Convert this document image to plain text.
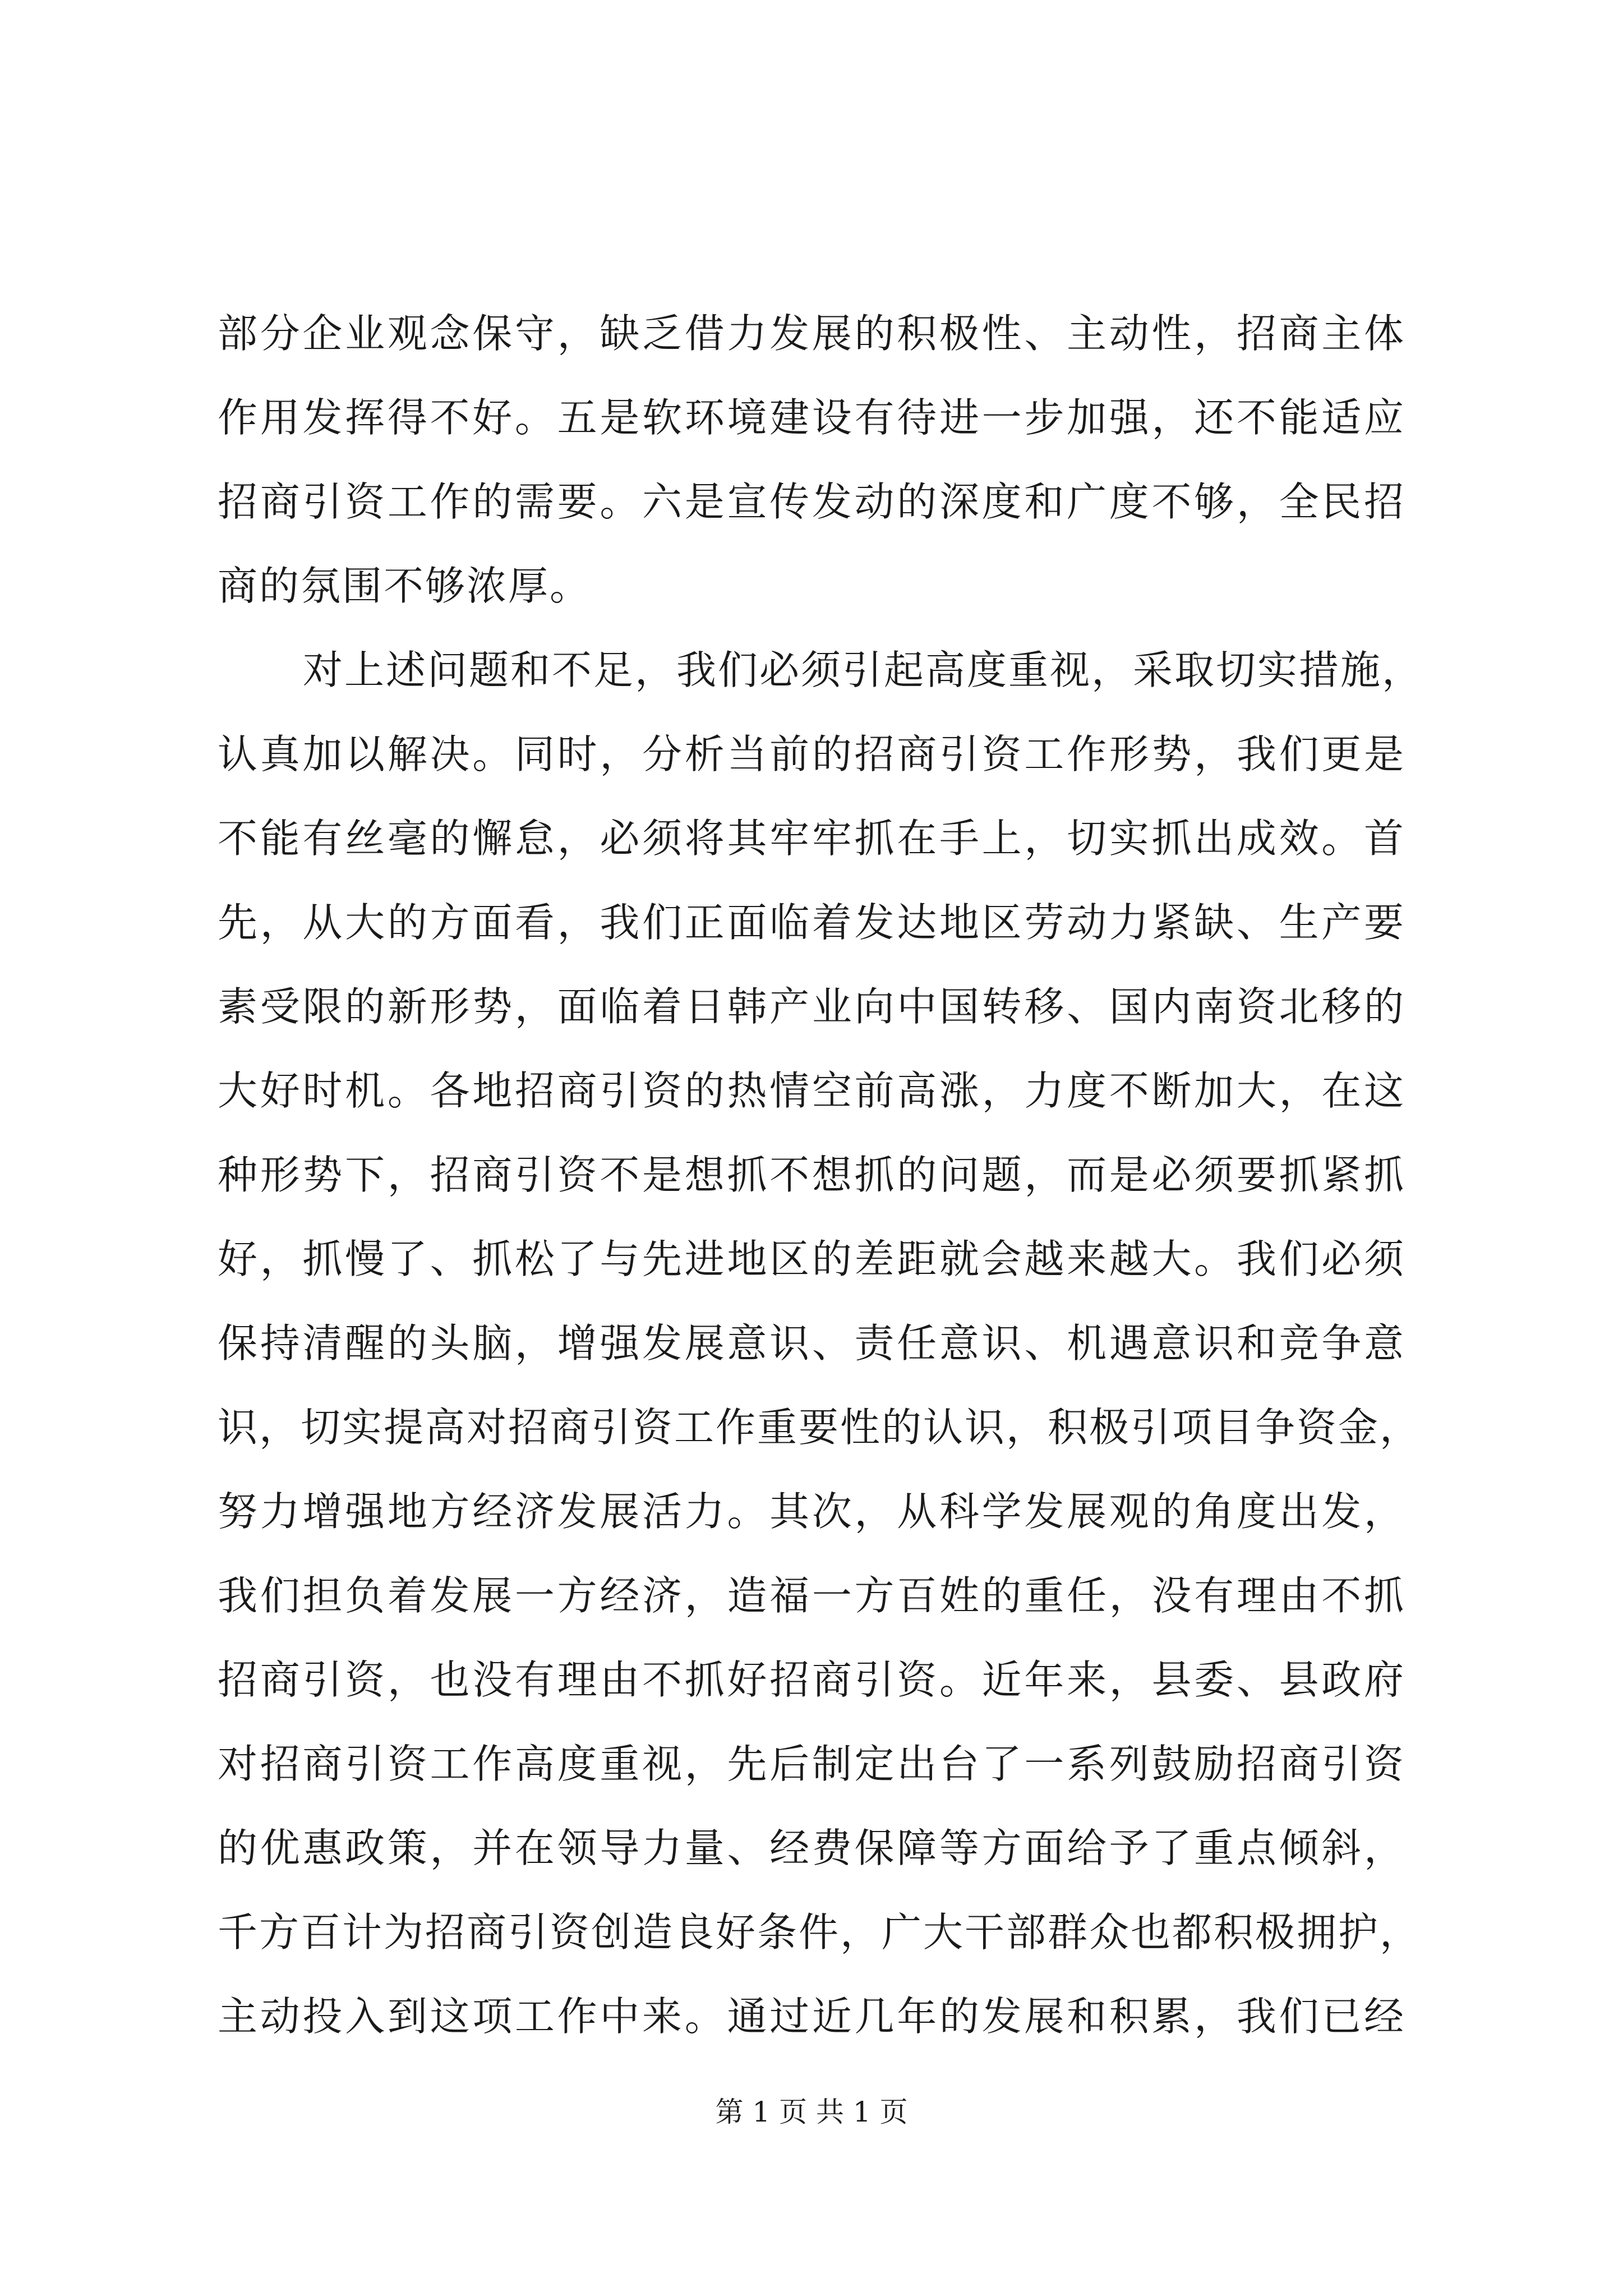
部分企业观念保守，缺乏借力发展的积极性、主动性，招商主体
作用发挥得不好。五是软环境建设有待进一步加强，还不能适应
招商引资工作的需要。六是宣传发动的深度和广度不够，全民招
商的氛围不够浓厚。
对上述问题和不足，我们必须引起高度重视，采取切实措施，
认真加以解决。同时，分析当前的招商引资工作形势，我们更是
不能有丝毫的懈怠，必须将其牢牢抓在手上，切实抓出成效。首
先，从大的方面看，我们正面临着发达地区劳动力紧缺、生产要
素受限的新形势，面临着日韩产业向中国转移、国内南资北移的
大好时机。各地招商引资的热情空前高涨，力度不断加大，在这
种形势下，招商引资不是想抓不想抓的问题，而是必须要抓紧抓
好，抓慢了、抓松了与先进地区的差距就会越来越大。我们必须
保持清醒的头脑，增强发展意识、责任意识、机遇意识和竞争意
识，切实提高对招商引资工作重要性的认识，积极引项目争资金，
努力增强地方经济发展活力。其次，从科学发展观的角度出发，
我们担负着发展一方经济，造福一方百姓的重任，没有理由不抓
招商引资，也没有理由不抓好招商引资。近年来，县委、县政府
对招商引资工作高度重视，先后制定出台了一系列鼓励招商引资
的优惠政策，并在领导力量、经费保障等方面给予了重点倾斜，
千方百计为招商引资创造良好条件，广大干部群众也都积极拥护，
主动投入到这项工作中来。通过近几年的发展和积累，我们已经
第 1 页 共 1 页
